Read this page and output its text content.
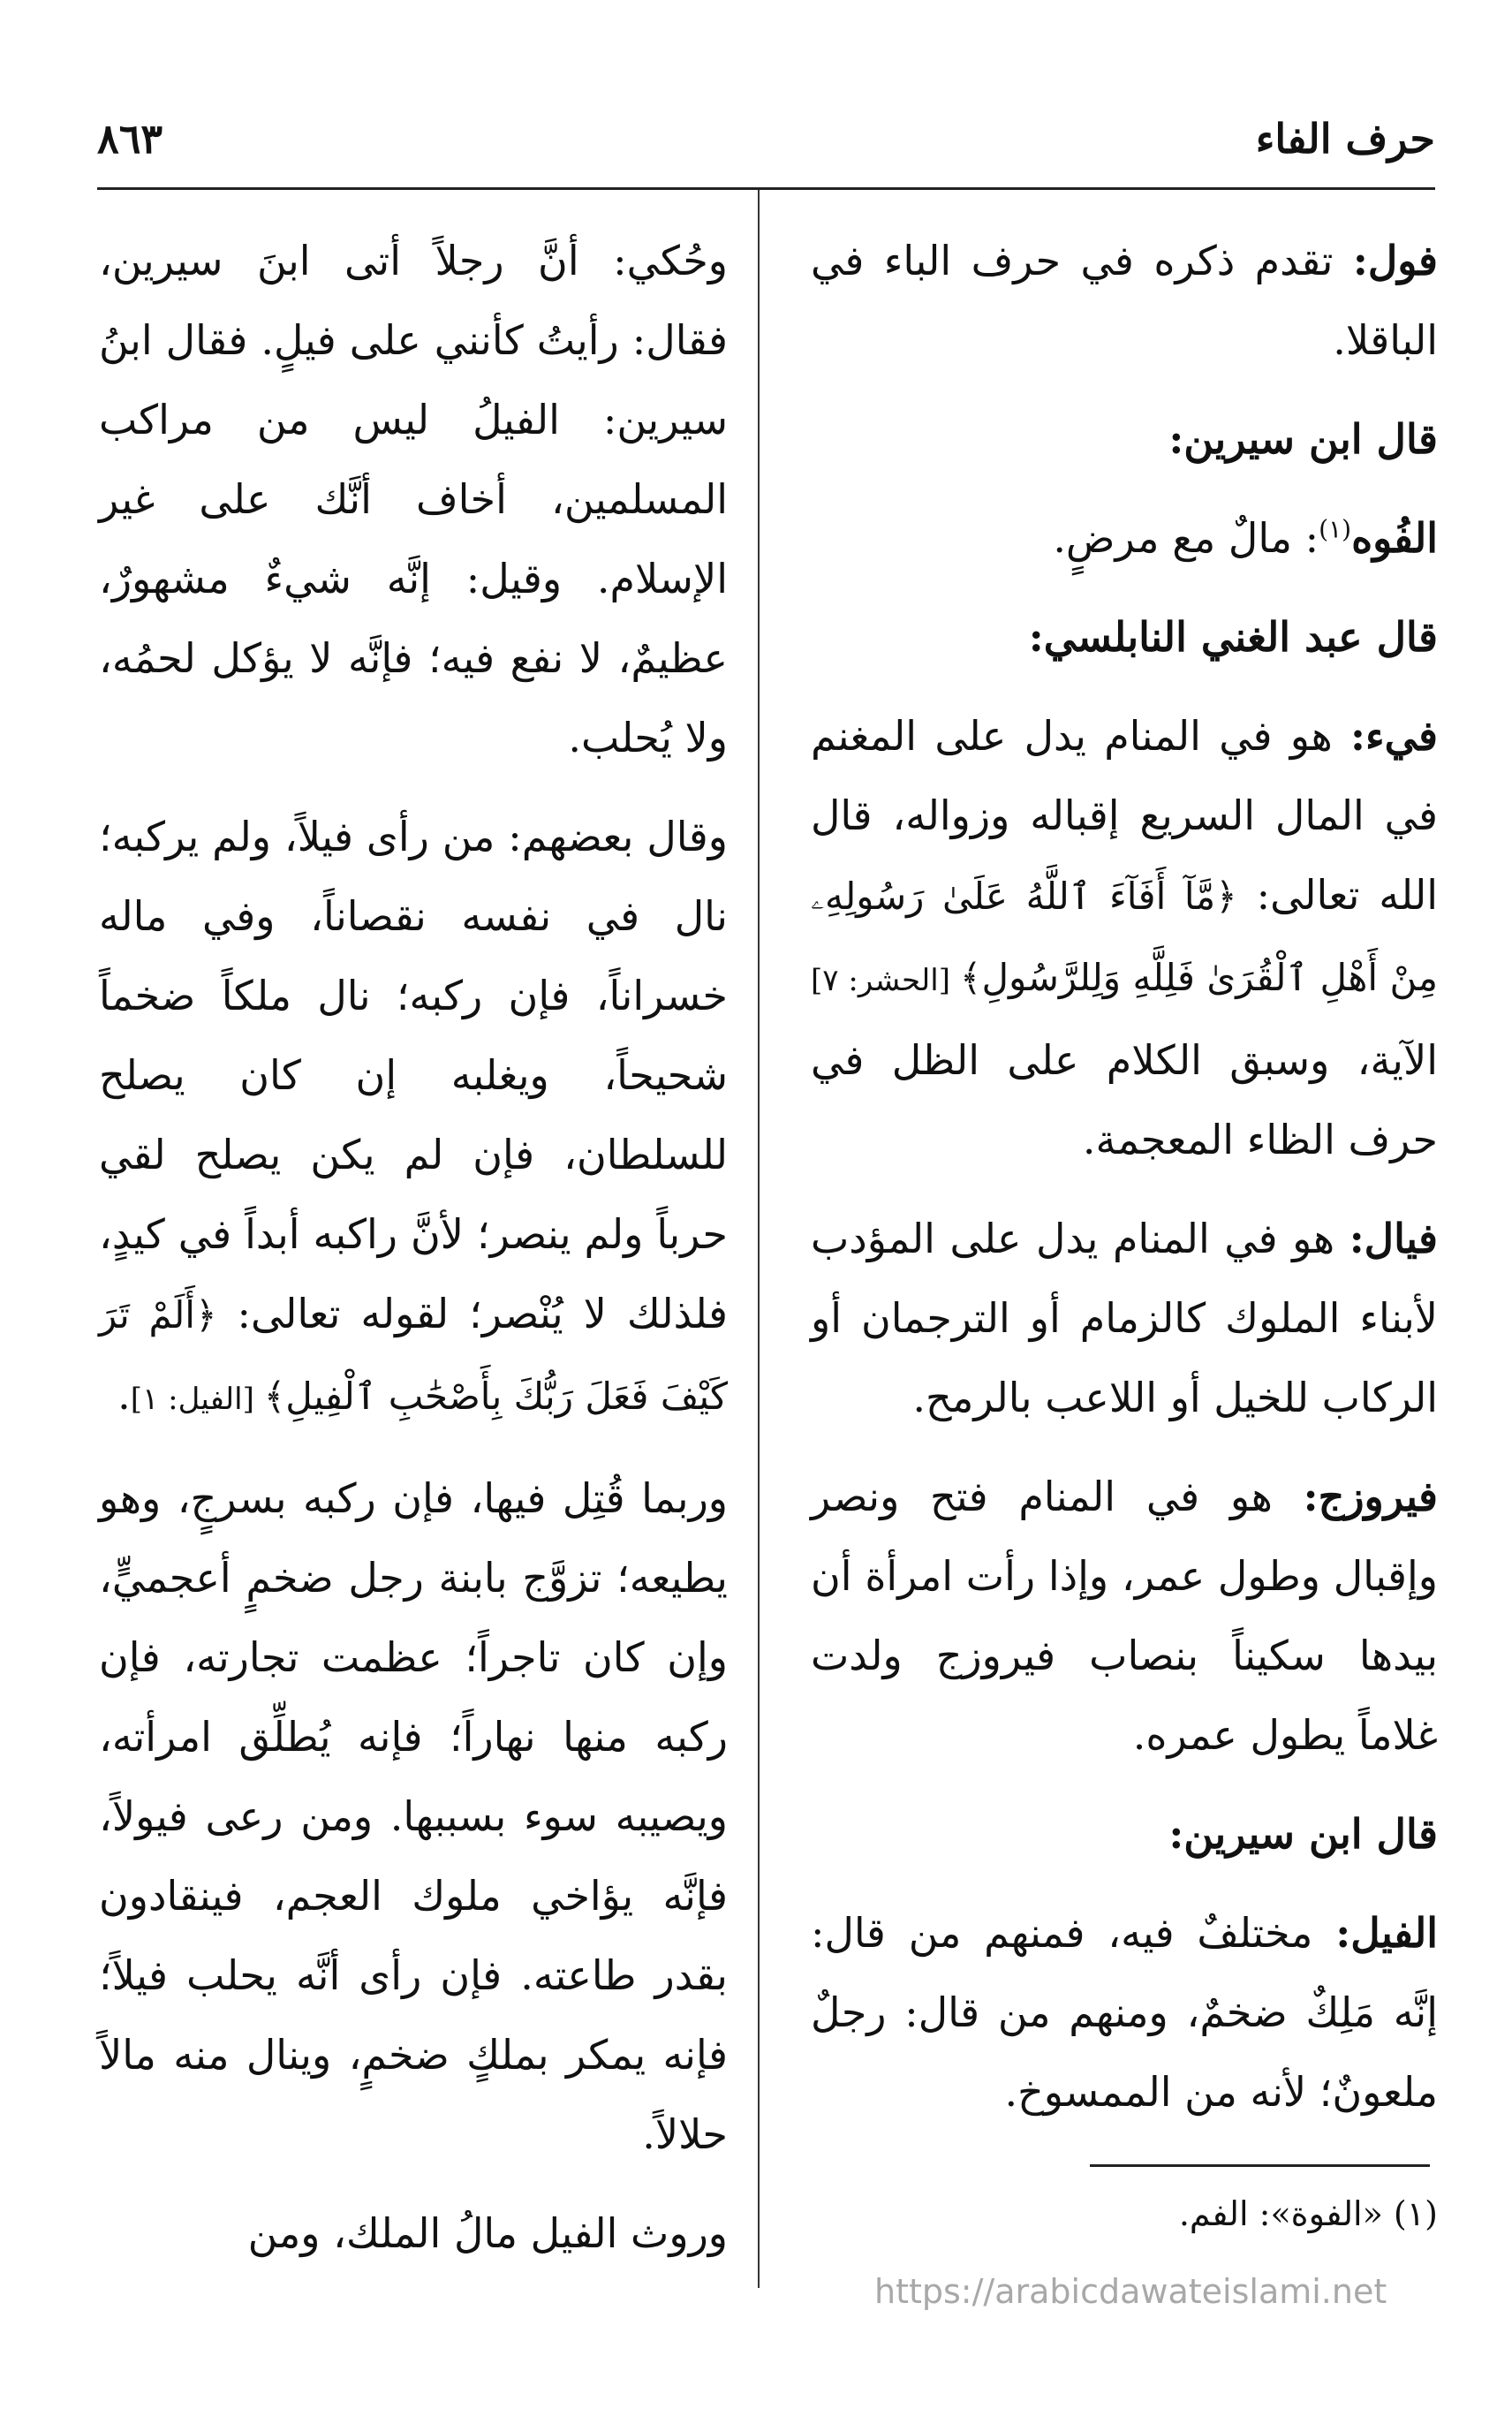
٨٦٣	حرف الفاء

فول: تقدم ذكره في حرف الباء في الباقلا.

قال ابن سيرين:

الفُوه$^{(١)}$: مالٌ مع مرضٍ.

قال عبد الغني النابلسي:

فيء: هو في المنام يدل على المغنم في المال السريع إقباله وزواله، قال الله تعالى: ﴿مَّآ أَفَآءَ ٱللَّهُ عَلَىٰ رَسُولِهِۦ مِنْ أَهْلِ ٱلْقُرَىٰ فَلِلَّهِ وَلِلرَّسُولِ﴾ [الحشر: ٧] الآية، وسبق الكلام على الظل في حرف الظاء المعجمة.

فيال: هو في المنام يدل على المؤدب لأبناء الملوك كالزمام أو الترجمان أو الركاب للخيل أو اللاعب بالرمح.

فيروزج: هو في المنام فتح ونصر وإقبال وطول عمر، وإذا رأت امرأة أن بيدها سكيناً بنصاب فيروزج ولدت غلاماً يطول عمره.

قال ابن سيرين:

الفيل: مختلفٌ فيه، فمنهم من قال: إنَّه مَلِكٌ ضخمٌ، ومنهم من قال: رجلٌ ملعونٌ؛ لأنه من الممسوخ.

وحُكي: أنَّ رجلاً أتى ابنَ سيرين، فقال: رأيتُ كأنني على فيلٍ. فقال ابنُ سيرين: الفيلُ ليس من مراكب المسلمين، أخاف أنَّك على غير الإسلام. وقيل: إنَّه شيءٌ مشهورٌ، عظيمٌ، لا نفع فيه؛ فإنَّه لا يؤكل لحمُه، ولا يُحلب.

وقال بعضهم: من رأى فيلاً، ولم يركبه؛ نال في نفسه نقصاناً، وفي ماله خسراناً، فإن ركبه؛ نال ملكاً ضخماً شحيحاً، ويغلبه إن كان يصلح للسلطان، فإن لم يكن يصلح لقي حرباً ولم ينصر؛ لأنَّ راكبه أبداً في كيدٍ، فلذلك لا يُنْصر؛ لقوله تعالى: ﴿أَلَمْ تَرَ كَيْفَ فَعَلَ رَبُّكَ بِأَصْحَٰبِ ٱلْفِيلِ﴾ [الفيل: ١].

وربما قُتِل فيها، فإن ركبه بسرجٍ، وهو يطيعه؛ تزوَّج بابنة رجل ضخمٍ أعجميٍّ، وإن كان تاجراً؛ عظمت تجارته، فإن ركبه منها نهاراً؛ فإنه يُطلِّق امرأته، ويصيبه سوء بسببها. ومن رعى فيولاً، فإنَّه يؤاخي ملوك العجم، فينقادون بقدر طاعته. فإن رأى أنَّه يحلب فيلاً؛ فإنه يمكر بملكٍ ضخمٍ، وينال منه مالاً حلالاً.

وروث الفيل مالُ الملك، ومن	(١) «الفوة»: الفم.
https://arabicdawateislami.net
